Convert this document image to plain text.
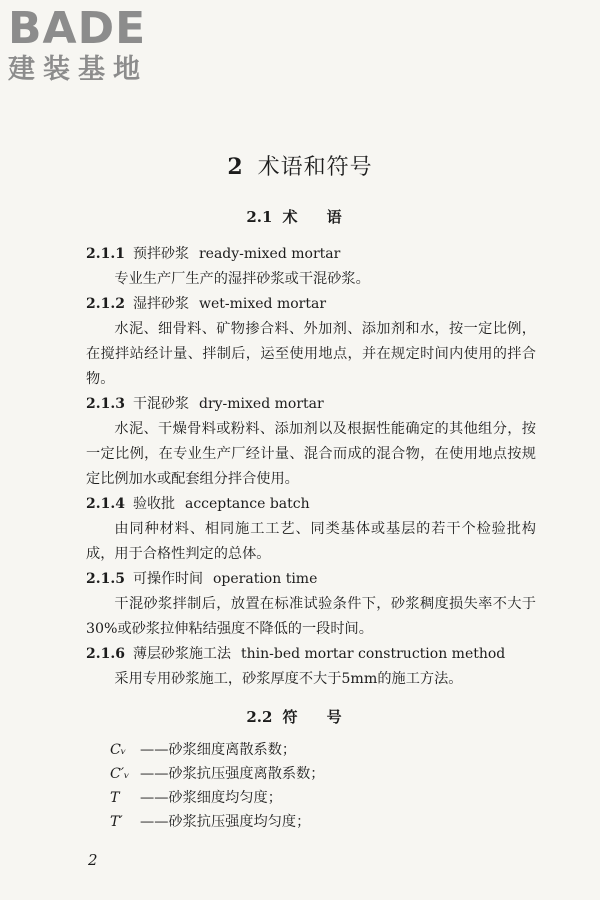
BADE
建装基地
2 术语和符号
2.1 术 语
2.1.1 预拌砂浆 ready-mixed mortar

专业生产厂生产的湿拌砂浆或干混砂浆。

2.1.2 湿拌砂浆 wet-mixed mortar

水泥、细骨料、矿物掺合料、外加剂、添加剂和水，按一定比例，在搅拌站经计量、拌制后，运至使用地点，并在规定时间内使用的拌合物。

2.1.3 干混砂浆 dry-mixed mortar

水泥、干燥骨料或粉料、添加剂以及根据性能确定的其他组分，按一定比例，在专业生产厂经计量、混合而成的混合物，在使用地点按规定比例加水或配套组分拌合使用。

2.1.4 验收批 acceptance batch

由同种材料、相同施工工艺、同类基体或基层的若干个检验批构成，用于合格性判定的总体。

2.1.5 可操作时间 operation time

干混砂浆拌制后，放置在标准试验条件下，砂浆稠度损失率不大于30%或砂浆拉伸粘结强度不降低的一段时间。

2.1.6 薄层砂浆施工法 thin-bed mortar construction method

采用专用砂浆施工，砂浆厚度不大于5mm的施工方法。

2.2 符 号
Cᵥ ——砂浆细度离散系数；
C′ᵥ ——砂浆抗压强度离散系数；
T ——砂浆细度均匀度；
T′ ——砂浆抗压强度均匀度；
2
